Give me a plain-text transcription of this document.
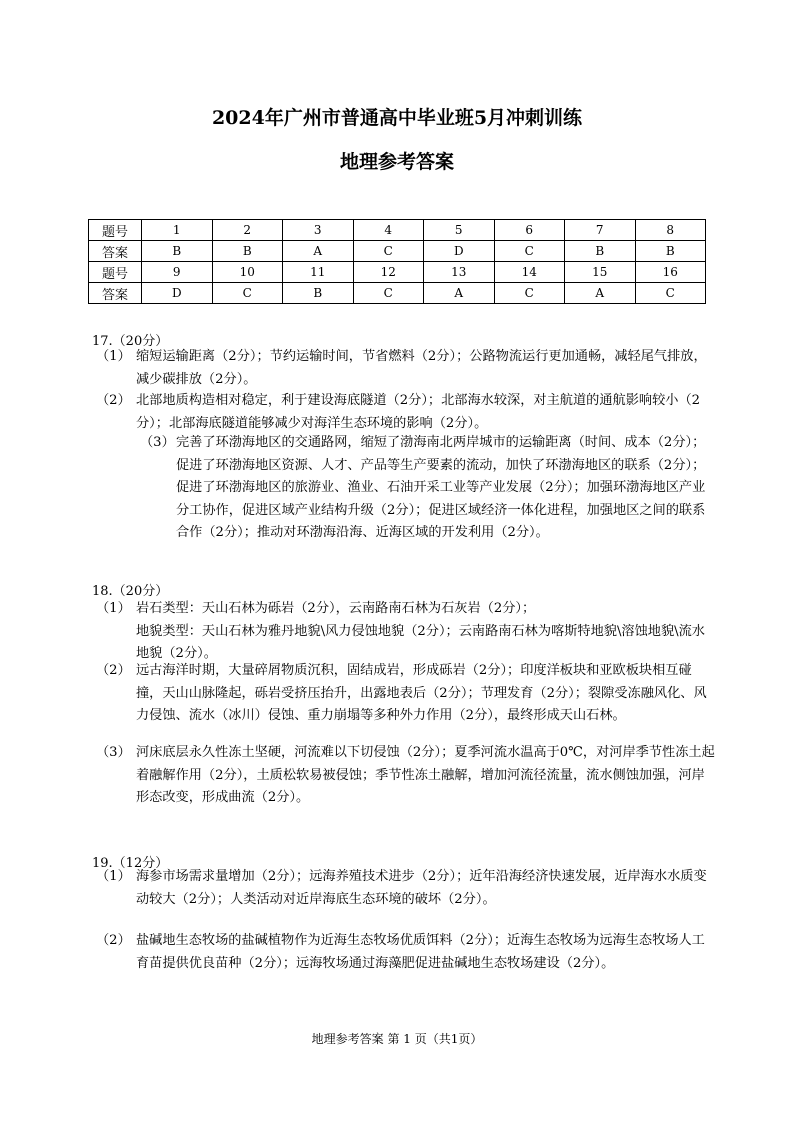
2024年广州市普通高中毕业班5月冲刺训练
地理参考答案
题号	1	2	3	4	5	6	7	8
答案	B	B	A	C	D	C	B	B
题号	9	10	11	12	13	14	15	16
答案	D	C	B	C	A	C	A	C
17.（20分）
（1） 缩短运输距离（2分）；节约运输时间，节省燃料（2分）；公路物流运行更加通畅，减轻尾气排放，减少碳排放（2分）。
（2） 北部地质构造相对稳定，利于建设海底隧道（2分）；北部海水较深，对主航道的通航影响较小（2分）；北部海底隧道能够减少对海洋生态环境的影响（2分）。
（3） 完善了环渤海地区的交通路网，缩短了渤海南北两岸城市的运输距离（时间、成本（2分）；促进了环渤海地区资源、人才、产品等生产要素的流动，加快了环渤海地区的联系（2分）；促进了环渤海地区的旅游业、渔业、石油开采工业等产业发展（2分）；加强环渤海地区产业分工协作，促进区域产业结构升级（2分）；促进区域经济一体化进程，加强地区之间的联系合作（2分）；推动对环渤海沿海、近海区域的开发利用（2分）。
18.（20分）
（1） 岩石类型：天山石林为砾岩（2分），云南路南石林为石灰岩（2分）；
地貌类型：天山石林为雅丹地貌\风力侵蚀地貌（2分）；云南路南石林为喀斯特地貌\溶蚀地貌\流水地貌（2分）。
（2） 远古海洋时期，大量碎屑物质沉积，固结成岩，形成砾岩（2分）；印度洋板块和亚欧板块相互碰撞，天山山脉隆起，砾岩受挤压抬升，出露地表后（2分）；节理发育（2分）；裂隙受冻融风化、风力侵蚀、流水（冰川）侵蚀、重力崩塌等多种外力作用（2分），最终形成天山石林。
（3） 河床底层永久性冻土坚硬，河流难以下切侵蚀（2分）；夏季河流水温高于0℃，对河岸季节性冻土起着融解作用（2分），土质松软易被侵蚀；季节性冻土融解，增加河流径流量，流水侧蚀加强，河岸形态改变，形成曲流（2分）。
19.（12分）
（1） 海参市场需求量增加（2分）；远海养殖技术进步（2分）；近年沿海经济快速发展，近岸海水水质变动较大（2分）；人类活动对近岸海底生态环境的破坏（2分）。
（2） 盐碱地生态牧场的盐碱植物作为近海生态牧场优质饵料（2分）；近海生态牧场为远海生态牧场人工育苗提供优良苗种（2分）；远海牧场通过海藻肥促进盐碱地生态牧场建设（2分）。
地理参考答案 第 1 页（共1页）
